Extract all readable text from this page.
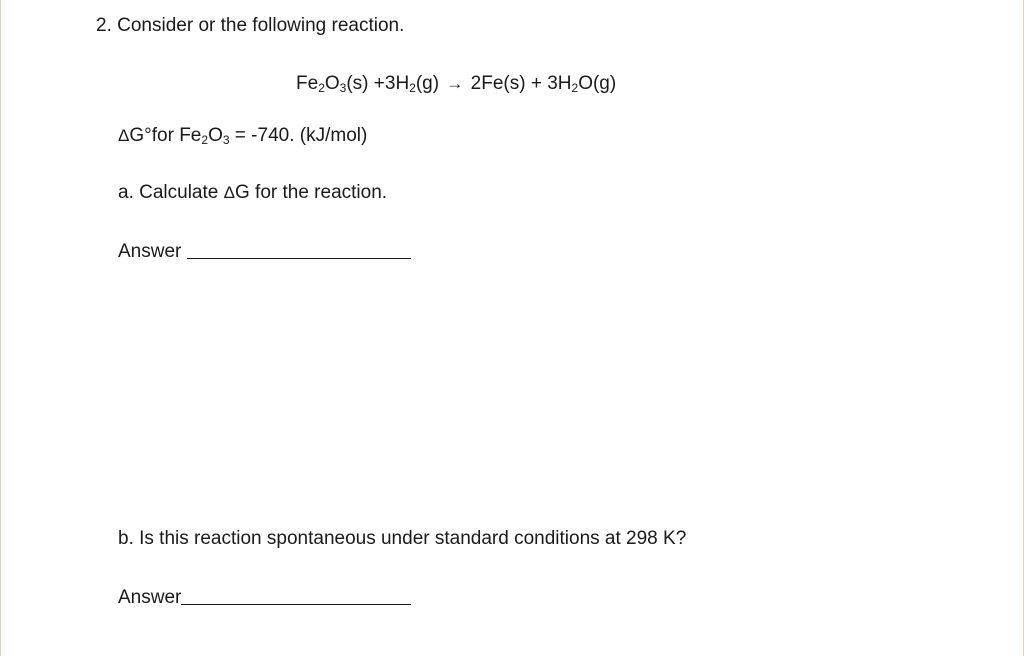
2. Consider or the following reaction.
$Fe_2O_3(s) +3H_2(g) \to 2Fe(s) + 3H_2O(g)$
ΔG°for $Fe_2O_3 = -740$. (kJ/mol)
a. Calculate ΔG for the reaction.
Answer
b. Is this reaction spontaneous under standard conditions at 298 K?
Answer
